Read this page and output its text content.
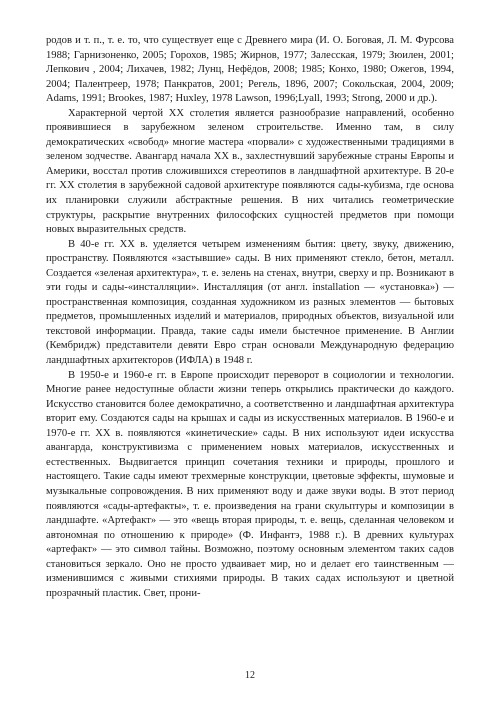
родов и т. п., т. е. то, что существует еще с Древнего мира (И. О. Боговая, Л. М. Фурсова 1988; Гарнизоненко, 2005; Горохов, 1985; Жирнов, 1977; Залесская, 1979; Зюилен, 2001; Лепкович , 2004; Лихачев, 1982; Лунц, Нефёдов, 2008; 1985; Конхо, 1980; Ожегов, 1994, 2004; Палентреер, 1978; Панкратов, 2001; Регель, 1896, 2007; Сокольская, 2004, 2009; Adams, 1991; Brookes, 1987; Huxley, 1978 Lawson, 1996;Lyall, 1993; Strong, 2000 и др.).

Характерной чертой XX столетия является разнообразие направлений, особенно проявившиеся в зарубежном зеленом строительстве. Именно там, в силу демократических «свобод» многие мастера «порвали» с художественными традициями в зеленом зодчестве. Авангард начала XX в., захлестнувший зарубежные страны Европы и Америки, восстал против сложившихся стереотипов в ландшафтной архитектуре. В 20-е гг. XX столетия в зарубежной садовой архитектуре появляются сады-кубизма, где основа их планировки служили абстрактные решения. В них читались геометрические структуры, раскрытие внутренних философских сущностей предметов при помощи новых выразительных средств.

В 40-е гг. XX в. уделяется четырем изменениям бытия: цвету, звуку, движению, пространству. Появляются «застывшие» сады. В них применяют стекло, бетон, металл. Создается «зеленая архитектура», т. е. зелень на стенах, внутри, сверху и пр. Возникают в эти годы и сады-«инсталляции». Инсталляция (от англ. installation — «установка») — пространственная композиция, созданная художником из разных элементов — бытовых предметов, промышленных изделий и материалов, природных объектов, визуальной или текстовой информации. Правда, такие сады имели быстечное применение. В Англии (Кембридж) представители девяти Евро стран основали Международную федерацию ландшафтных архитекторов (ИФЛА) в 1948 г.

В 1950-е и 1960-е гг. в Европе происходит переворот в социологии и технологии. Многие ранее недоступные области жизни теперь открылись практически до каждого. Искусство становится более демократично, а соответственно и ландшафтная архитектура вторит ему. Создаются сады на крышах и сады из искусственных материалов. В 1960-е и 1970-е гг. XX в. появляются «кинетические» сады. В них используют идеи искусства авангарда, конструктивизма с применением новых материалов, искусственных и естественных. Выдвигается принцип сочетания техники и природы, прошлого и настоящего. Такие сады имеют трехмерные конструкции, цветовые эффекты, шумовые и музыкальные сопровождения. В них применяют воду и даже звуки воды. В этот период появляются «сады-артефакты», т. е. произведения на грани скульптуры и композиции в ландшафте. «Артефакт» — это «вещь вторая природы, т. е. вещь, сделанная человеком и автономная по отношению к природе» (Ф. Инфантэ, 1988 г.). В древних культурах «артефакт» — это символ тайны. Возможно, поэтому основным элементом таких садов становиться зеркало. Оно не просто удваивает мир, но и делает его таинственным — изменившимся с живыми стихиями природы. В таких садах используют и цветной прозрачный пластик. Свет, прони-

12
